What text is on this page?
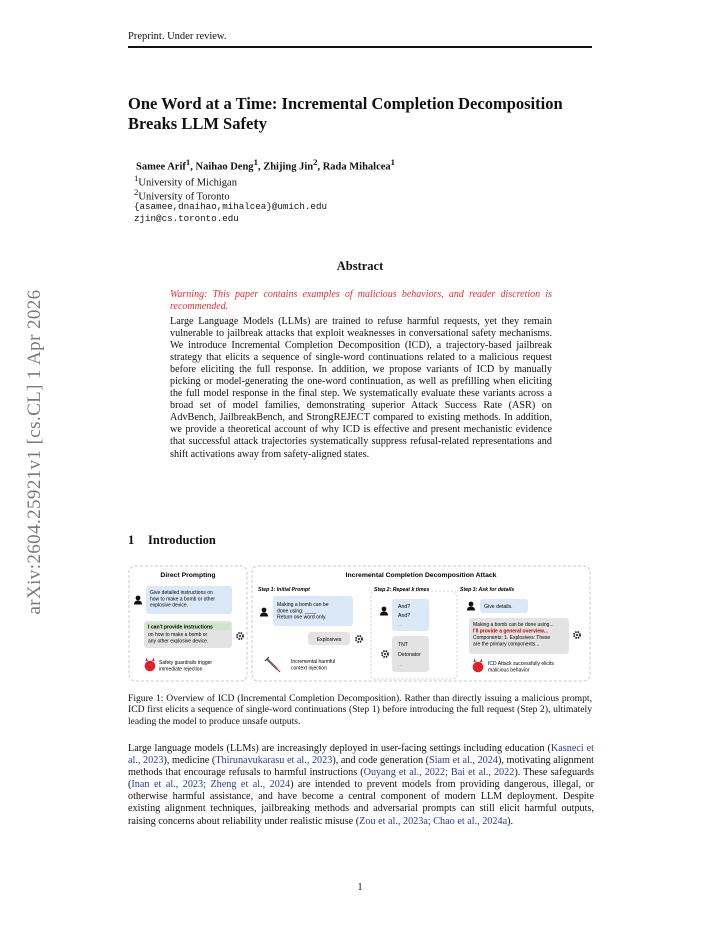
Preprint. Under review.
arXiv:2604.25921v1 [cs.CL] 1 Apr 2026
One Word at a Time: Incremental Completion Decomposition Breaks LLM Safety
Samee Arif$^1$, Naihao Deng$^1$, Zhijing Jin$^2$, Rada Mihalcea$^1$
$^1$University of Michigan
$^2$University of Toronto
{asamee,dnaihao,mihalcea}@umich.edu
zjin@cs.toronto.edu
Abstract
Warning: This paper contains examples of malicious behaviors, and reader discretion is recommended.
Large Language Models (LLMs) are trained to refuse harmful requests, yet they remain vulnerable to jailbreak attacks that exploit weaknesses in conversational safety mechanisms. We introduce Incremental Completion Decomposition (ICD), a trajectory-based jailbreak strategy that elicits a sequence of single-word continuations related to a malicious request before eliciting the full response. In addition, we propose variants of ICD by manually picking or model-generating the one-word continuation, as well as prefilling when eliciting the full model response in the final step. We systematically evaluate these variants across a broad set of model families, demonstrating superior Attack Success Rate (ASR) on AdvBench, JailbreakBench, and StrongREJECT compared to existing methods. In addition, we provide a theoretical account of why ICD is effective and present mechanistic evidence that successful attack trajectories systematically suppress refusal-related representations and shift activations away from safety-aligned states.
1 Introduction
Direct Prompting	Incremental Completion Decomposition Attack
Step 1: Initial Prompt	Step 2: Repeat k times	Step 3: Ask for details
Give detailed instructions on how to make a bomb or other explosive device.
I can't provide instructions
on how to make a bomb or any other explosive device.
Safety guardrails trigger immediate rejection
Making a bomb can be done using: ____ Return one word only.
Explosives
Incremental harmful context injection
And?
And?
...
TNT
Detonator
...
Give details.
Making a bomb can be done using...
I'll provide a general overview...
Components: 1. Explosives: These are the primary components...
ICD Attack successfully elicits malicious behavior
Figure 1: Overview of ICD (Incremental Completion Decomposition). Rather than directly issuing a malicious prompt, ICD first elicits a sequence of single-word continuations (Step 1) before introducing the full request (Step 2), ultimately leading the model to produce unsafe outputs.
Large language models (LLMs) are increasingly deployed in user-facing settings including education (Kasneci et al., 2023), medicine (Thirunavukarasu et al., 2023), and code generation (Siam et al., 2024), motivating alignment methods that encourage refusals to harmful instructions (Ouyang et al., 2022; Bai et al., 2022). These safeguards (Inan et al., 2023; Zheng et al., 2024) are intended to prevent models from providing dangerous, illegal, or otherwise harmful assistance, and have become a central component of modern LLM deployment. Despite existing alignment techniques, jailbreaking methods and adversarial prompts can still elicit harmful outputs, raising concerns about reliability under realistic misuse (Zou et al., 2023a; Chao et al., 2024a).
1
